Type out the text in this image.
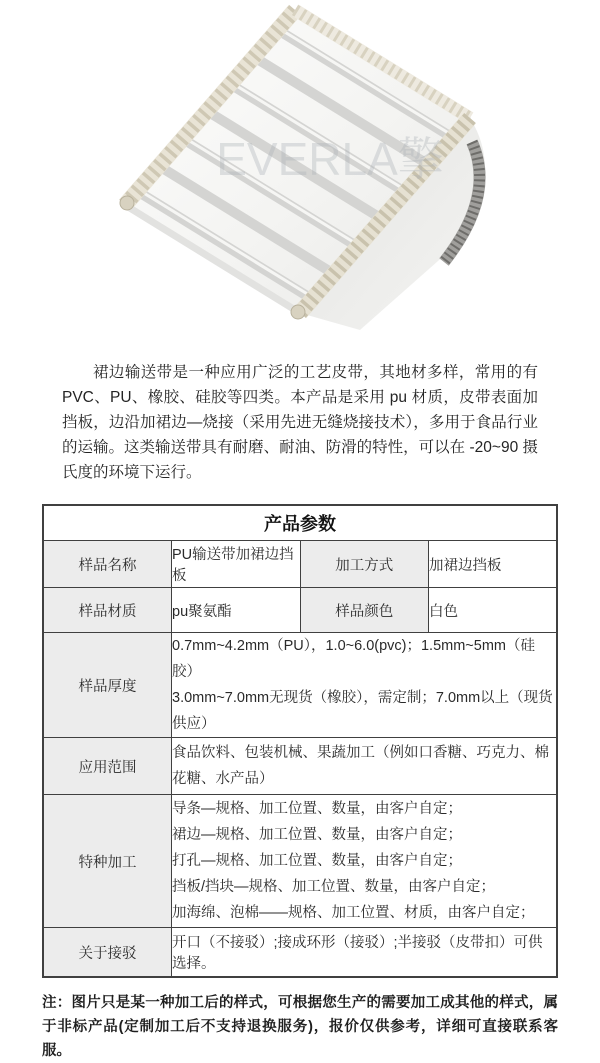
EVERLA擎

裙边输送带是一种应用广泛的工艺皮带，其地材多样，常用的有 PVC、PU、橡胶、硅胶等四类。本产品是采用 pu 材质，皮带表面加挡板，边沿加裙边—烧接（采用先进无缝烧接技术），多用于食品行业的运输。这类输送带具有耐磨、耐油、防滑的特性，可以在 -20~90 摄氏度的环境下运行。

产品参数			
样品名称	PU输送带加裙边挡板	加工方式	加裙边挡板
样品材质	pu聚氨酯	样品颜色	白色
样品厚度	0.7mm~4.2mm（PU），1.0~6.0(pvc)；1.5mm~5mm（硅胶）
3.0mm~7.0mm无现货（橡胶），需定制；7.0mm以上（现货供应）		

应用范围	食品饮料、包装机械、果蔬加工（例如口香糖、巧克力、棉花糖、水产品）		
特种加工	导条—规格、加工位置、数量，由客户自定；
裙边—规格、加工位置、数量，由客户自定；
打孔—规格、加工位置、数量，由客户自定；
挡板/挡块—规格、加工位置、数量，由客户自定；
加海绵、泡棉——规格、加工位置、材质，由客户自定；		

关于接驳	开口（不接驳）;接成环形（接驳）;半接驳（皮带扣）可供选择。		

注：图片只是某一种加工后的样式，可根据您生产的需要加工成其他的样式，属于非标产品(定制加工后不支持退换服务)，报价仅供参考，详细可直接联系客服。
